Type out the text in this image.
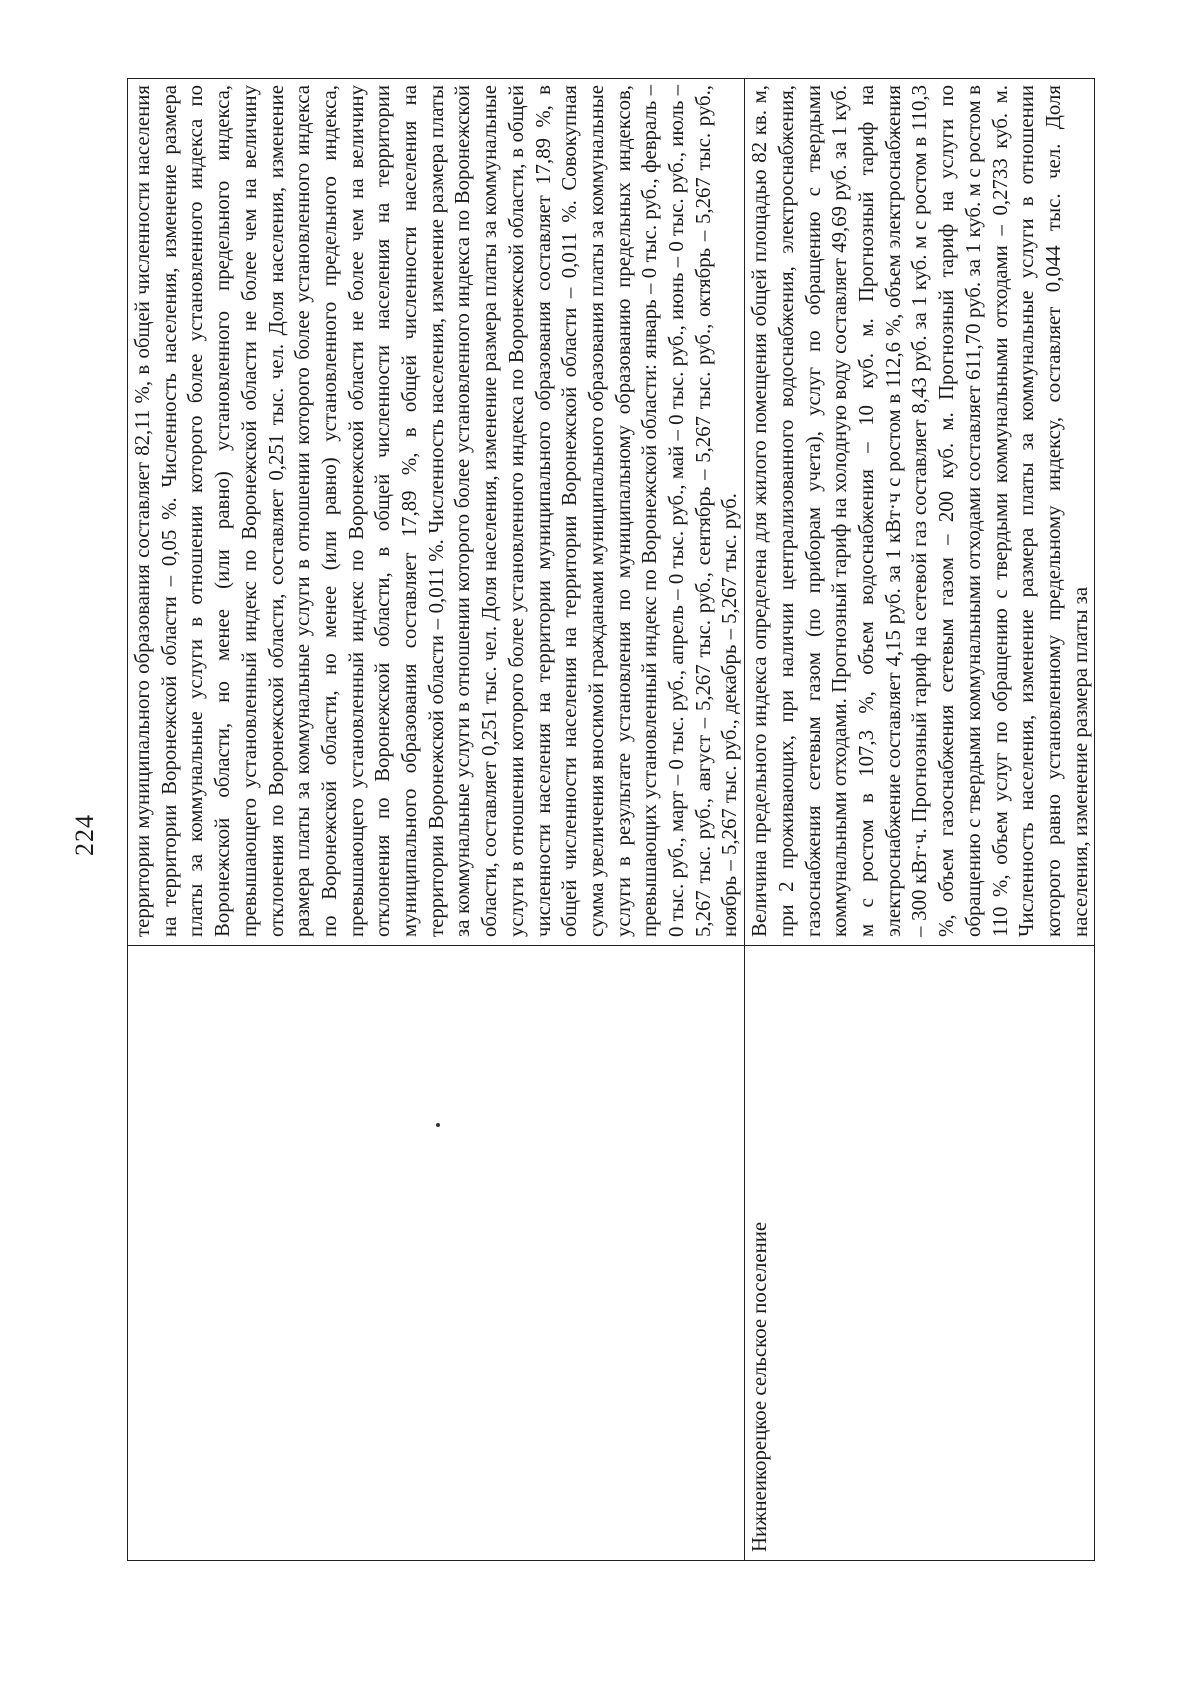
224
	территории муниципального образования составляет 82,11 %, в общей численности населения на территории Воронежской области – 0,05 %. Численность населения, изменение размера платы за коммунальные услуги в отношении которого более установленного индекса по Воронежской области, но менее (или равно) установленного предельного индекса, превышающего установленный индекс по Воронежской области не более чем на величину отклонения по Воронежской области, составляет 0,251 тыс. чел. Доля населения, изменение размера платы за коммунальные услуги в отношении которого более установленного индекса по Воронежской области, но менее (или равно) установленного предельного индекса, превышающего установленный индекс по Воронежской области не более чем на величину отклонения по Воронежской области, в общей численности населения на территории муниципального образования составляет 17,89 %, в общей численности населения на территории Воронежской области – 0,011 %. Численность населения, изменение размера платы за коммунальные услуги в отношении которого более установленного индекса по Воронежской области, составляет 0,251 тыс. чел. Доля населения, изменение размера платы за коммунальные услуги в отношении которого более установленного индекса по Воронежской области, в общей численности населения на территории муниципального образования составляет 17,89 %, в общей численности населения на территории Воронежской области – 0,011 %. Совокупная сумма увеличения вносимой гражданами муниципального образования платы за коммунальные услуги в результате установления по муниципальному образованию предельных индексов, превышающих установленный индекс по Воронежской области: январь – 0 тыс. руб., февраль – 0 тыс. руб., март – 0 тыс. руб., апрель – 0 тыс. руб., май – 0 тыс. руб., июнь – 0 тыс. руб., июль – 5,267 тыс. руб., август – 5,267 тыс. руб., сентябрь – 5,267 тыс. руб., октябрь – 5,267 тыс. руб., ноябрь – 5,267 тыс. руб., декабрь – 5,267 тыс. руб.
Нижнеикорецкое сельское поселение	Величина предельного индекса определена для жилого помещения общей площадью 82 кв. м, при 2 проживающих, при наличии централизованного водоснабжения, электроснабжения, газоснабжения сетевым газом (по приборам учета), услуг по обращению с твердыми коммунальными отходами. Прогнозный тариф на холодную воду составляет 49,69 руб. за 1 куб. м с ростом в 107,3 %, объем водоснабжения – 10 куб. м. Прогнозный тариф на электроснабжение составляет 4,15 руб. за 1 кВт·ч с ростом в 112,6 %, объем электроснабжения – 300 кВт·ч. Прогнозный тариф на сетевой газ составляет 8,43 руб. за 1 куб. м с ростом в 110,3 %, объем газоснабжения сетевым газом – 200 куб. м. Прогнозный тариф на услуги по обращению с твердыми коммунальными отходами составляет 611,70 руб. за 1 куб. м с ростом в 110 %, объем услуг по обращению с твердыми коммунальными отходами – 0,2733 куб. м. Численность населения, изменение размера платы за коммунальные услуги в отношении которого равно установленному предельному индексу, составляет 0,044 тыс. чел. Доля населения, изменение размера платы за
